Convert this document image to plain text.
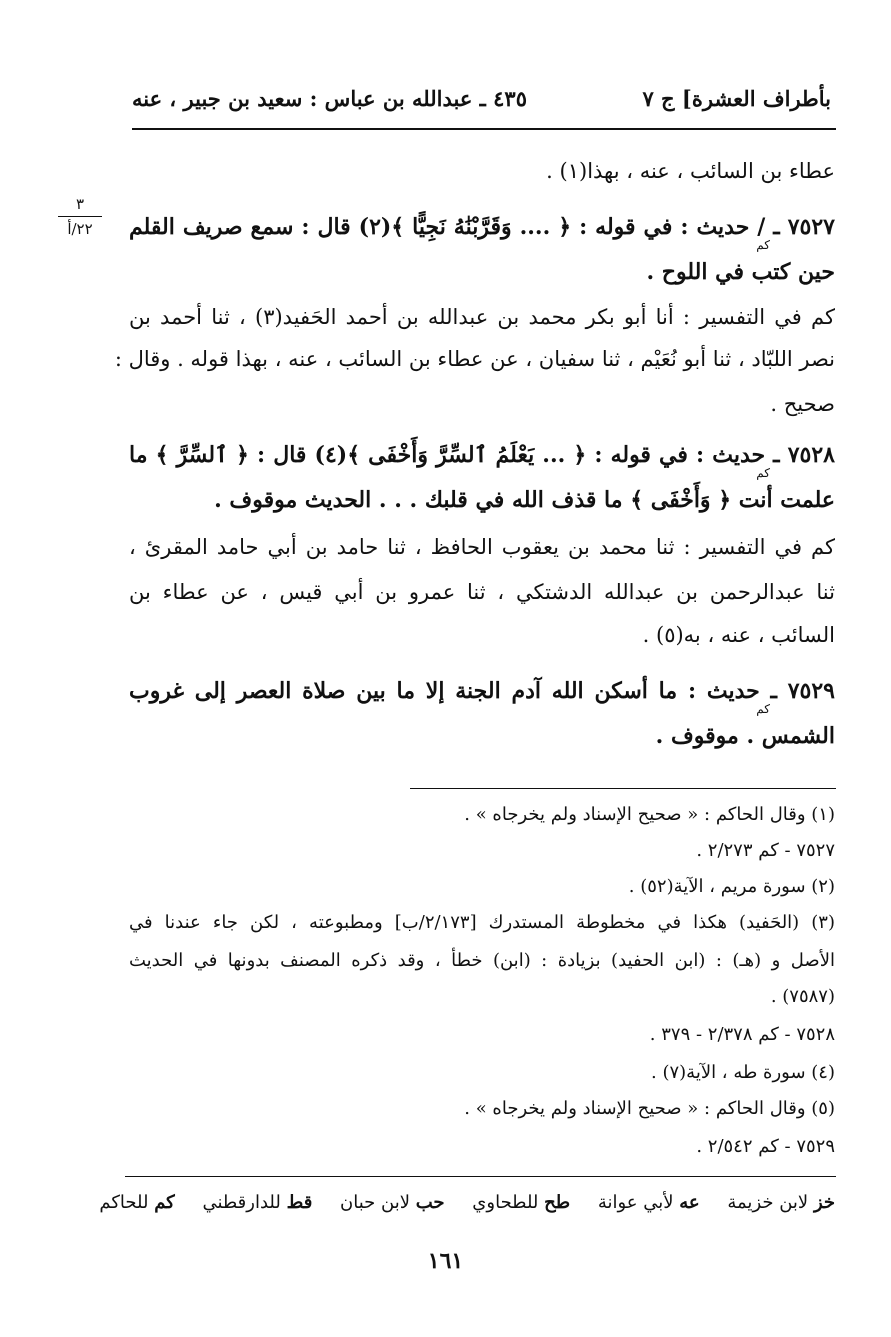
بأطراف العشرة] ج ٧
٤٣٥ ـ عبدالله بن عباس : سعيد بن جبير ، عنه
٣
٢٢/أ
عطاء بن السائب ، عنه ، بهذا(١) .
٧٥٢٧ ـ / حديث : في قوله : ﴿ .... وَقَرَّبْنَٰهُ نَجِيًّا ﴾(٢) قال : سمع صريف القلم
كم
حين كتب في اللوح .
كم في التفسير : أنا أبو بكر محمد بن عبدالله بن أحمد الحَفيد(٣) ، ثنا أحمد بن
نصر اللبّاد ، ثنا أبو نُعَيْم ، ثنا سفيان ، عن عطاء بن السائب ، عنه ، بهذا قوله . وقال :
صحيح .
٧٥٢٨ ـ حديث : في قوله : ﴿ ... يَعْلَمُ ٱلسِّرَّ وَأَخْفَى ﴾(٤) قال : ﴿ ٱلسِّرَّ ﴾ ما
كم
علمت أنت ﴿ وَأَخْفَى ﴾ ما قذف الله في قلبك . . . الحديث موقوف .
كم في التفسير : ثنا محمد بن يعقوب الحافظ ، ثنا حامد بن أبي حامد المقرئ ،
ثنا عبدالرحمن بن عبدالله الدشتكي ، ثنا عمرو بن أبي قيس ، عن عطاء بن
السائب ، عنه ، به(٥) .
٧٥٢٩ ـ حديث : ما أسكن الله آدم الجنة إلا ما بين صلاة العصر إلى غروب
كم
الشمس . موقوف .
(١) وقال الحاكم : « صحيح الإسناد ولم يخرجاه » .
٧٥٢٧ - كم ٢/٢٧٣ .
(٢) سورة مريم ، الآية(٥٢) .
(٣) (الحَفيد) هكذا في مخطوطة المستدرك [٢/١٧٣/ب] ومطبوعته ، لكن جاء عندنا في
الأصل و (هـ) : (ابن الحفيد) بزيادة : (ابن) خطأ ، وقد ذكره المصنف بدونها في الحديث
(٧٥٨٧) .
٧٥٢٨ - كم ٢/٣٧٨ - ٣٧٩ .
(٤) سورة طه ، الآية(٧) .
(٥) وقال الحاكم : « صحيح الإسناد ولم يخرجاه » .
٧٥٢٩ - كم ٢/٥٤٢ .
خز لابن خزيمة عه لأبي عوانة طح للطحاوي حب لابن حبان قط للدارقطني كم للحاكم
١٦١
